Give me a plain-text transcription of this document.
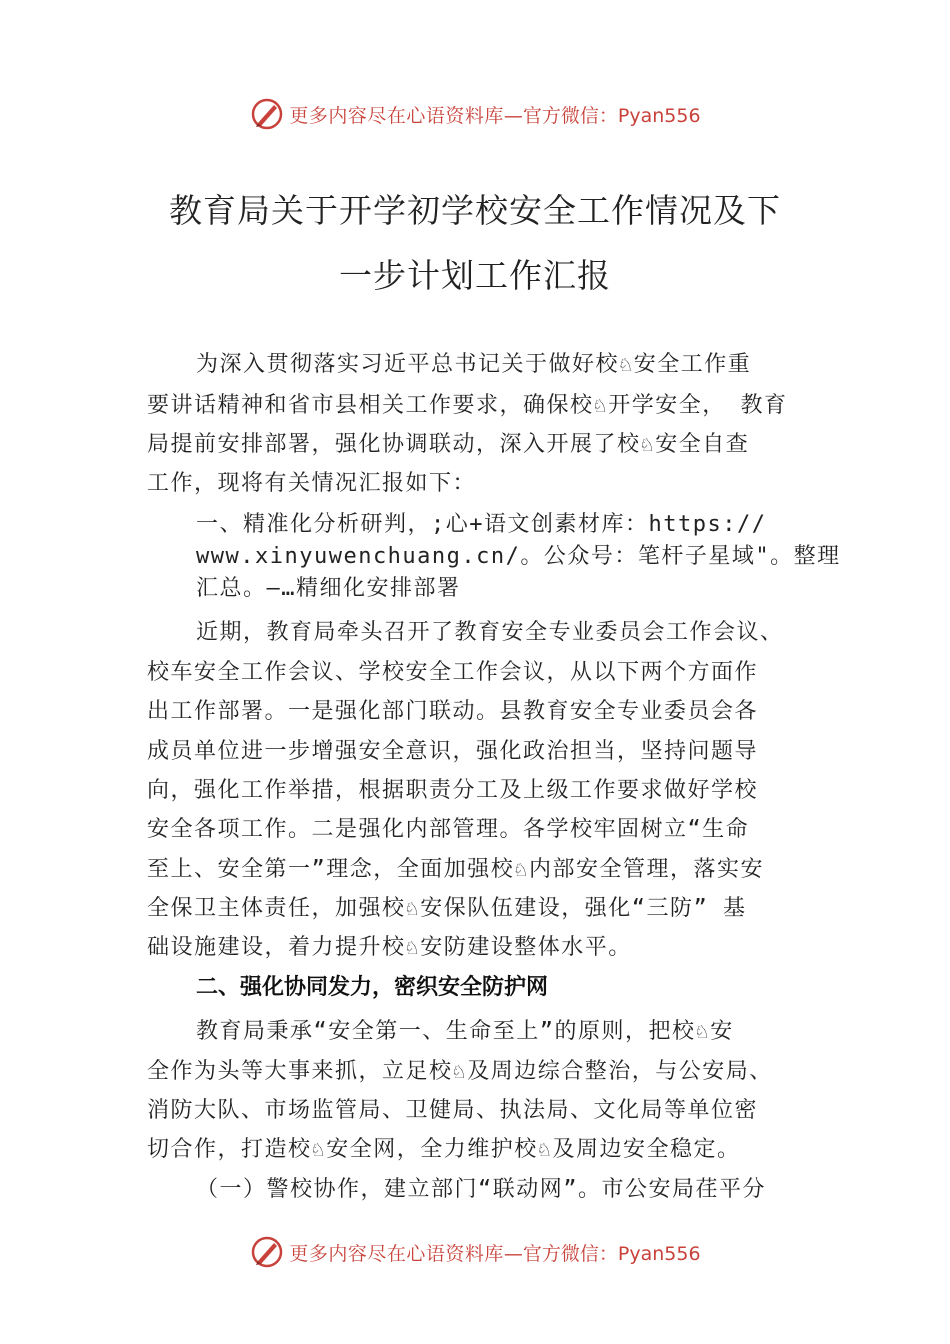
更多内容尽在心语资料库 —官方微信：Pyan556
教育局关于开学初学校安全工作情况及下
一步计划工作汇报
为深入贯彻落实习近平总书记关于做好校♘安全工作重
要讲话精神和省市县相关工作要求，确保校♘开学安全， 教育
局提前安排部署，强化协调联动，深入开展了校♘安全自查
工作，现将有关情况汇报如下：
一、精准化分析研判，;心+语文创素材库：https://
www.xinyuwenchuang.cn/。公众号：笔杆子星域"。整理
汇总。—…精细化安排部署
近期，教育局牵头召开了教育安全专业委员会工作会议、
校车安全工作会议、学校安全工作会议，从以下两个方面作
出工作部署。一是强化部门联动。县教育安全专业委员会各
成员单位进一步增强安全意识，强化政治担当，坚持问题导
向，强化工作举措，根据职责分工及上级工作要求做好学校
安全各项工作。二是强化内部管理。各学校牢固树立“生命
至上、安全第一”理念，全面加强校♘内部安全管理，落实安
全保卫主体责任，加强校♘安保队伍建设，强化“三防” 基
础设施建设，着力提升校♘安防建设整体水平。
二、强化协同发力，密织安全防护网
教育局秉承“安全第一、生命至上”的原则，把校♘安
全作为头等大事来抓，立足校♘及周边综合整治，与公安局、
消防大队、市场监管局、卫健局、执法局、文化局等单位密
切合作，打造校♘安全网，全力维护校♘及周边安全稳定。
（一）警校协作，建立部门“联动网”。市公安局荏平分
更多内容尽在心语资料库 —官方微信：Pyan556
